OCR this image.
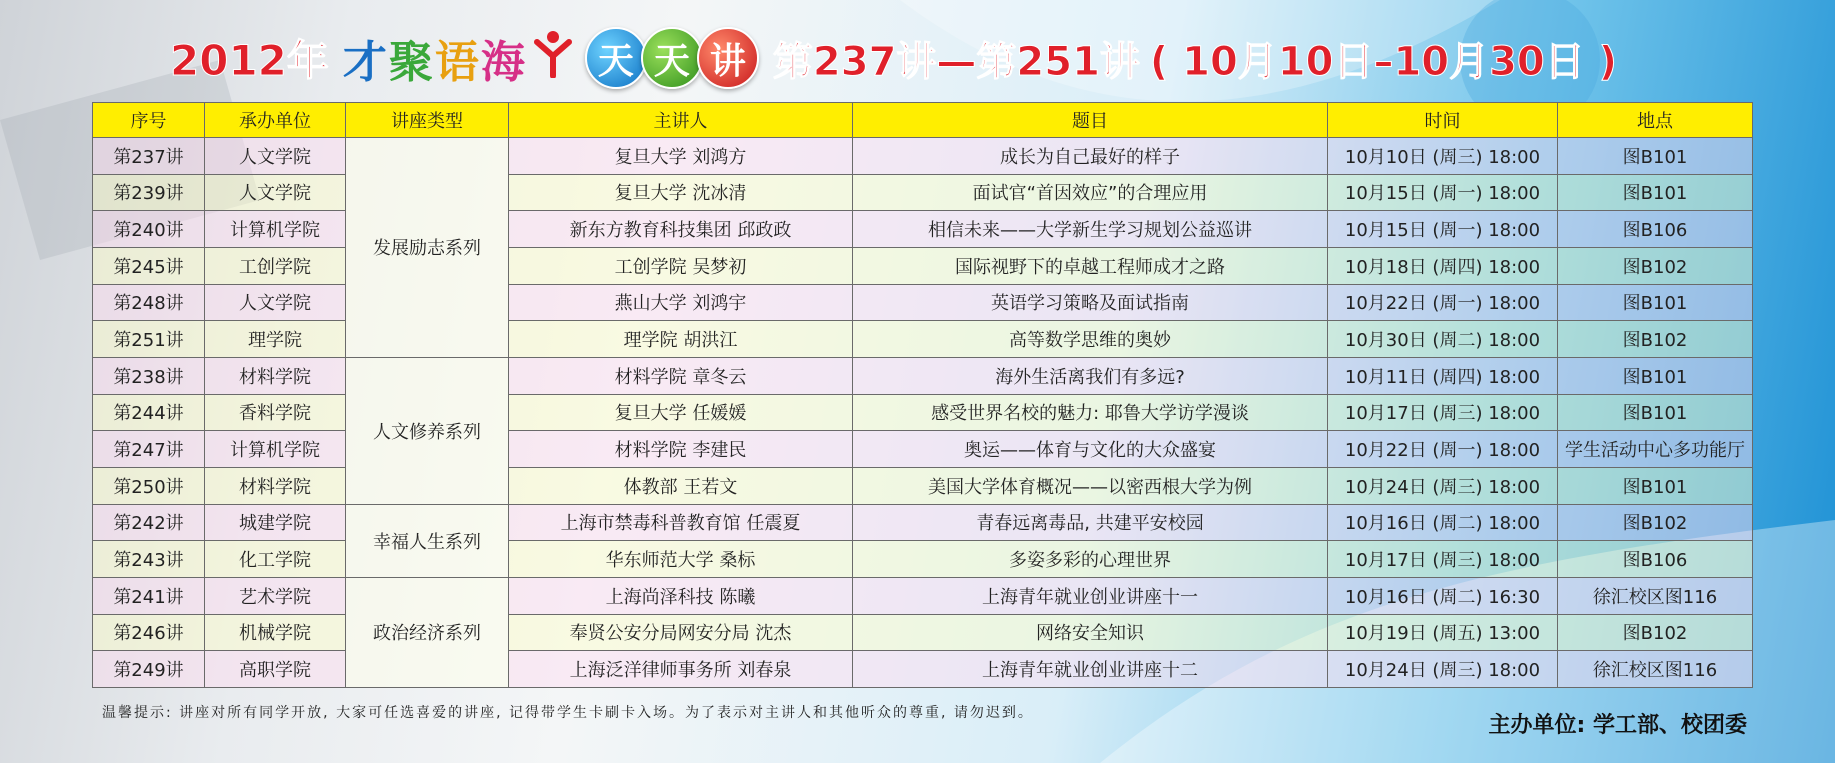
2012年 才聚语海	天 天 讲 第237讲—第251讲 ( 10月10日–10月30日 )
序号	承办单位	讲座类型	主讲人	题目	时间	地点
第237讲	人文学院	发展励志系列	复旦大学 刘鸿方	成长为自己最好的样子	10月10日 (周三) 18:00	图B101
第239讲	人文学院		复旦大学 沈冰清	面试官“首因效应”的合理应用	10月15日 (周一) 18:00	图B101
第240讲	计算机学院		新东方教育科技集团 邱政政	相信未来——大学新生学习规划公益巡讲	10月15日 (周一) 18:00	图B106
第245讲	工创学院		工创学院 吴梦初	国际视野下的卓越工程师成才之路	10月18日 (周四) 18:00	图B102
第248讲	人文学院		燕山大学 刘鸿宇	英语学习策略及面试指南	10月22日 (周一) 18:00	图B101
第251讲	理学院		理学院 胡洪江	高等数学思维的奥妙	10月30日 (周二) 18:00	图B102
第238讲	材料学院	人文修养系列	材料学院 章冬云	海外生活离我们有多远?	10月11日 (周四) 18:00	图B101
第244讲	香料学院		复旦大学 任媛媛	感受世界名校的魅力: 耶鲁大学访学漫谈	10月17日 (周三) 18:00	图B101
第247讲	计算机学院		材料学院 李建民	奥运——体育与文化的大众盛宴	10月22日 (周一) 18:00	学生活动中心多功能厅
第250讲	材料学院		体教部 王若文	美国大学体育概况——以密西根大学为例	10月24日 (周三) 18:00	图B101
第242讲	城建学院	幸福人生系列	上海市禁毒科普教育馆 任震夏	青春远离毒品, 共建平安校园	10月16日 (周二) 18:00	图B102
第243讲	化工学院		华东师范大学 桑标	多姿多彩的心理世界	10月17日 (周三) 18:00	图B106
第241讲	艺术学院	政治经济系列	上海尚泽科技 陈曦	上海青年就业创业讲座十一	10月16日 (周二) 16:30	徐汇校区图116
第246讲	机械学院		奉贤公安分局网安分局 沈杰	网络安全知识	10月19日 (周五) 13:00	图B102
第249讲	高职学院		上海泛洋律师事务所 刘春泉	上海青年就业创业讲座十二	10月24日 (周三) 18:00	徐汇校区图116
温馨提示: 讲座对所有同学开放, 大家可任选喜爱的讲座, 记得带学生卡刷卡入场。为了表示对主讲人和其他听众的尊重, 请勿迟到。	主办单位: 学工部、校团委
